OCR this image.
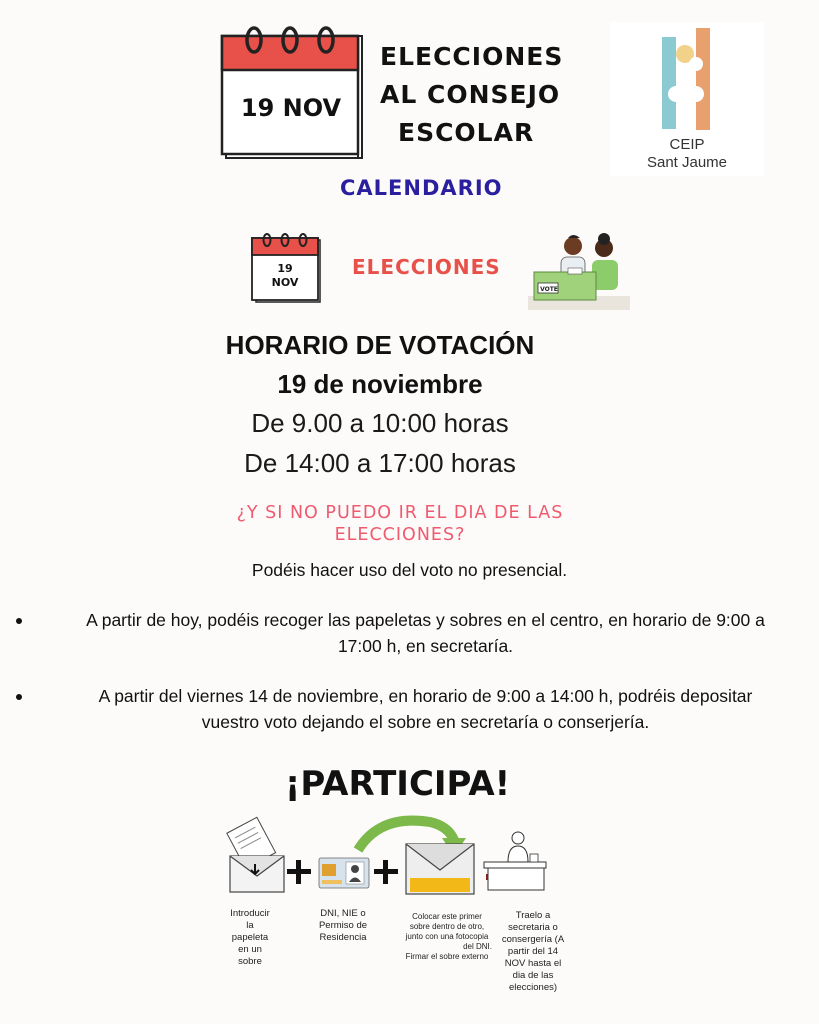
19 NOV
ELECCIONES
AL CONSEJO
ESCOLAR	CEIP
Sant Jaume
CALENDARIO
19
NOV
ELECCIONES
VOTE
HORARIO DE VOTACIÓN
19 de noviembre
De 9.00 a 10:00 horas
De 14:00 a 17:00 horas
¿Y SI NO PUEDO IR EL DIA DE LAS
ELECCIONES?
Podéis hacer uso del voto no presencial.
A partir de hoy, podéis recoger las papeletas y sobres en el centro, en horario de 9:00 a
17:00 h, en secretaría.
A partir del viernes 14 de noviembre, en horario de 9:00 a 14:00 h, podréis depositar
vuestro voto dejando el sobre en secretaría o conserjería.
¡PARTICIPA!
Introducir
la
papeleta
en un
sobre
DNI, NIE o
Permiso de
Residencia
Colocar este primer
sobre dentro de otro,
junto con una fotocopia
del DNI.
Firmar el sobre externo
Traelo a
secretaria o
consergería (A
partir del 14
NOV hasta el
dia de las
elecciones)
